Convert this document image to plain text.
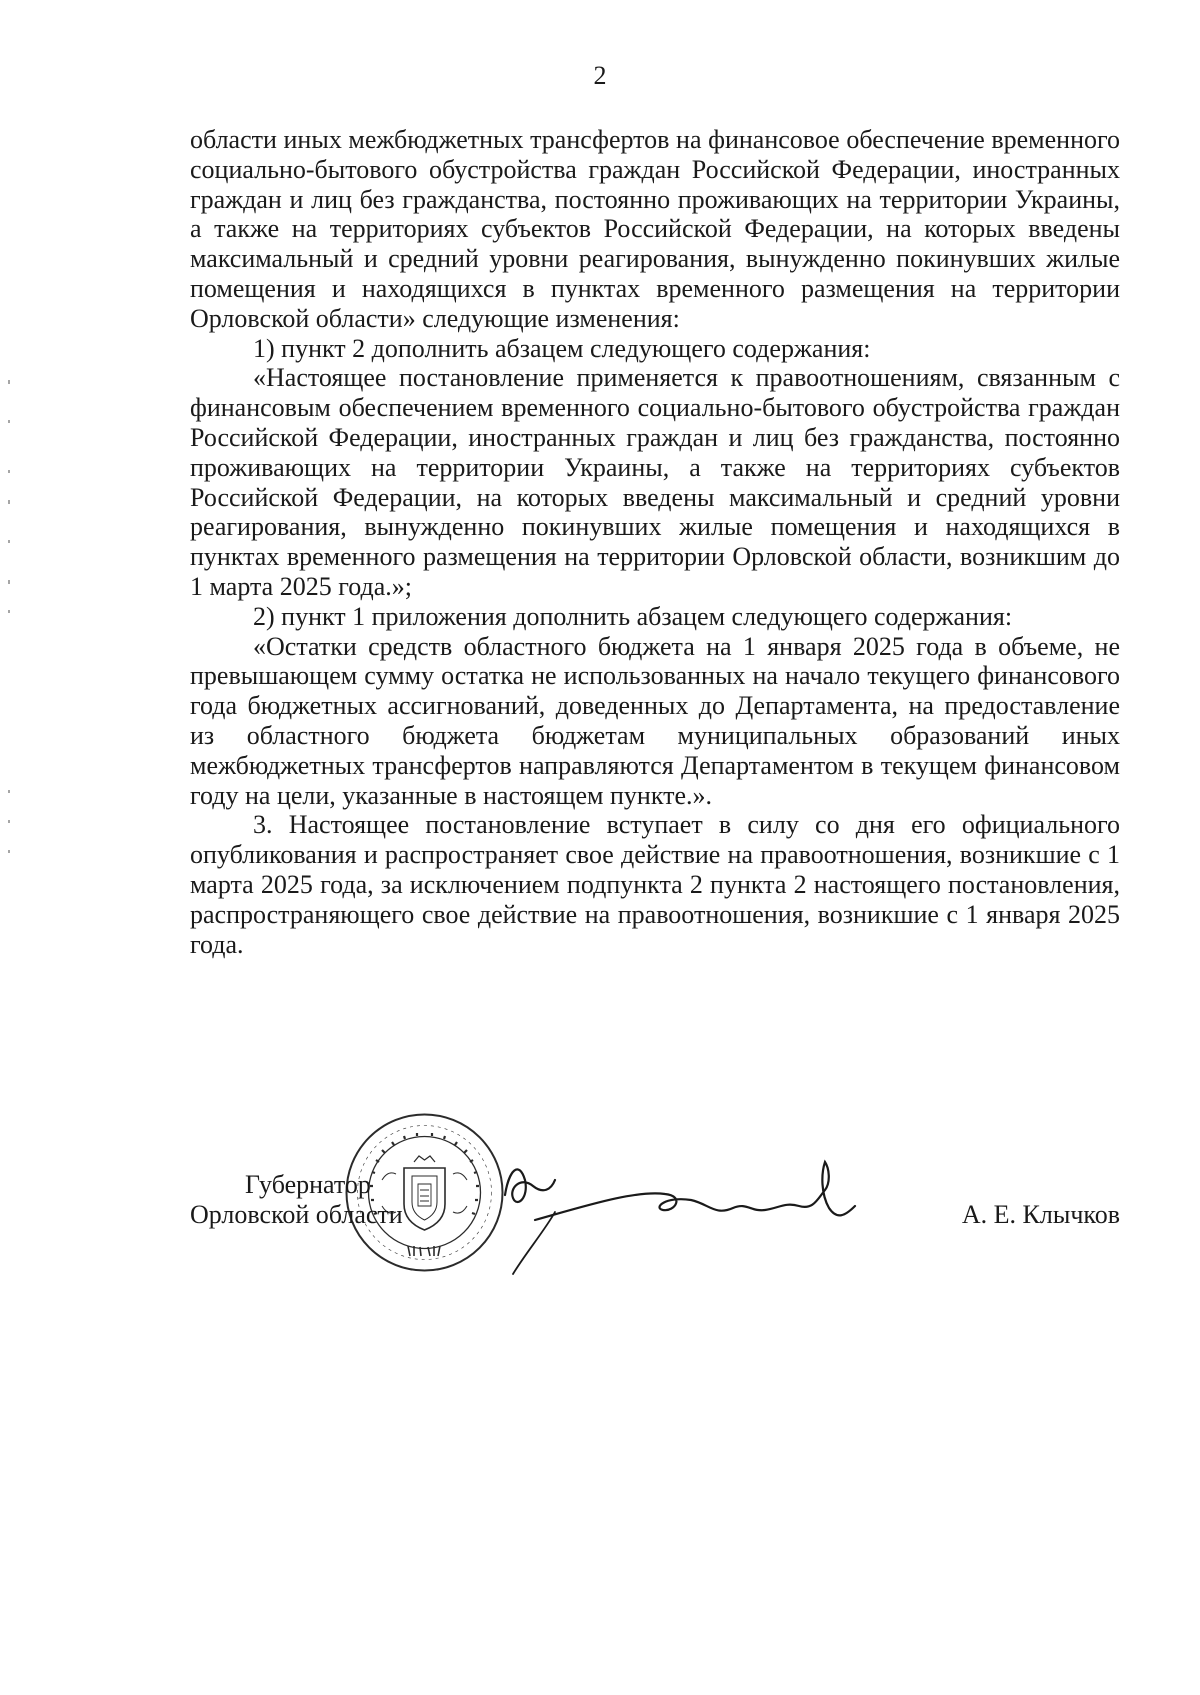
2

области иных межбюджетных трансфертов на финансовое обеспечение временного социально-бытового обустройства граждан Российской Федерации, иностранных граждан и лиц без гражданства, постоянно проживающих на территории Украины, а также на территориях субъектов Российской Федерации, на которых введены максимальный и средний уровни реагирования, вынужденно покинувших жилые помещения и находящихся в пунктах временного размещения на территории Орловской области» следующие изменения:

1) пункт 2 дополнить абзацем следующего содержания:

«Настоящее постановление применяется к правоотношениям, связанным с финансовым обеспечением временного социально-бытового обустройства граждан Российской Федерации, иностранных граждан и лиц без гражданства, постоянно проживающих на территории Украины, а также на территориях субъектов Российской Федерации, на которых введены максимальный и средний уровни реагирования, вынужденно покинувших жилые помещения и находящихся в пунктах временного размещения на территории Орловской области, возникшим до 1 марта 2025 года.»;

2) пункт 1 приложения дополнить абзацем следующего содержания:

«Остатки средств областного бюджета на 1 января 2025 года в объеме, не превышающем сумму остатка не использованных на начало текущего финансового года бюджетных ассигнований, доведенных до Департамента, на предоставление из областного бюджета бюджетам муниципальных образований иных межбюджетных трансфертов направляются Департаментом в текущем финансовом году на цели, указанные в настоящем пункте.».

3. Настоящее постановление вступает в силу со дня его официального опубликования и распространяет свое действие на правоотношения, возникшие с 1 марта 2025 года, за исключением подпункта 2 пункта 2 настоящего постановления, распространяющего свое действие на правоотношения, возникшие с 1 января 2025 года.

Губернатор
Орловской области	А. Е. Клычков
